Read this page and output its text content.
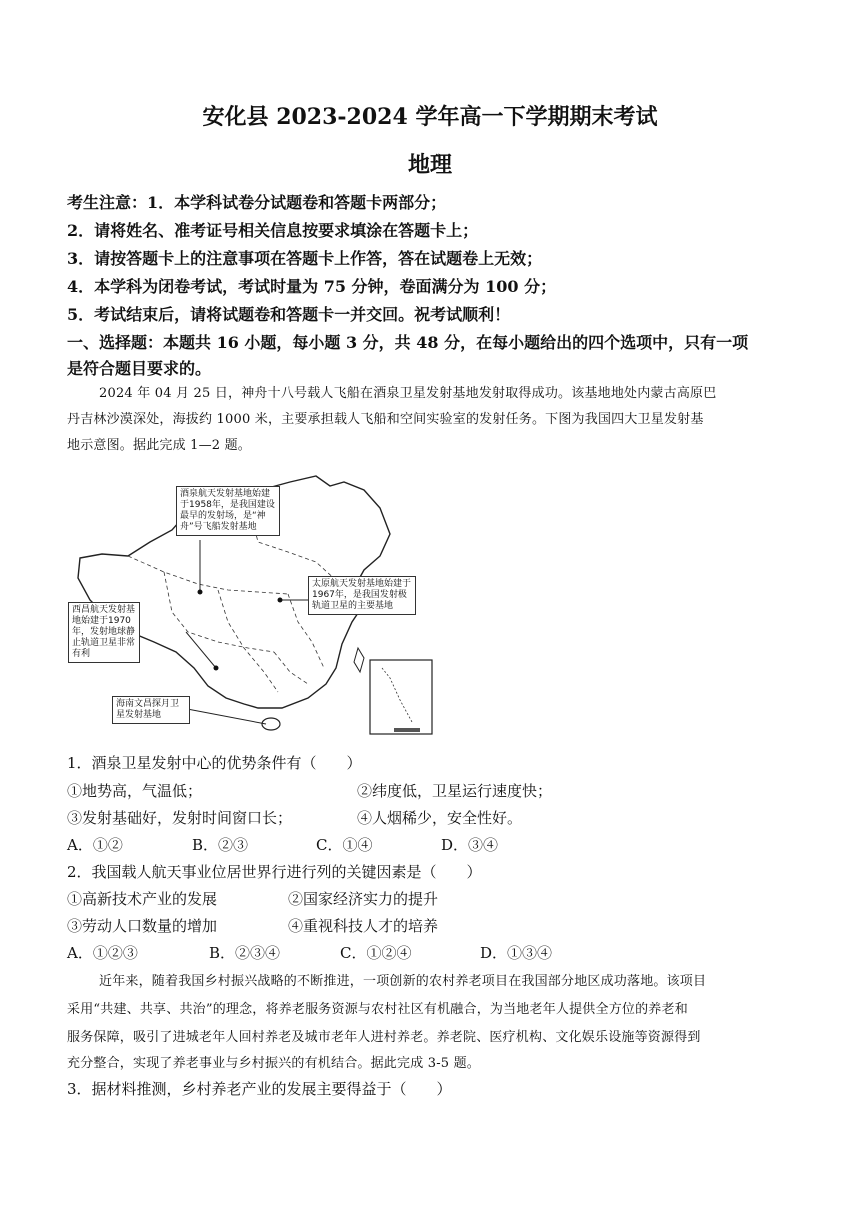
安化县 2023-2024 学年高一下学期期末考试
地理
考生注意：1．本学科试卷分试题卷和答题卡两部分；
2．请将姓名、准考证号相关信息按要求填涂在答题卡上；
3．请按答题卡上的注意事项在答题卡上作答，答在试题卷上无效；
4．本学科为闭卷考试，考试时量为 75 分钟，卷面满分为 100 分；
5．考试结束后，请将试题卷和答题卡一并交回。祝考试顺利！
一、选择题：本题共 16 小题，每小题 3 分，共 48 分，在每小题给出的四个选项中，只有一项
是符合题目要求的。
2024 年 04 月 25 日，神舟十八号载人飞船在酒泉卫星发射基地发射取得成功。该基地地处内蒙古高原巴
丹吉林沙漠深处，海拔约 1000 米，主要承担载人飞船和空间实验室的发射任务。下图为我国四大卫星发射基
地示意图。据此完成 1—2 题。
酒泉航天发射基地始建于1958年，是我国建设最早的发射场，是“神舟”号飞船发射基地
太原航天发射基地始建于1967年，是我国发射极轨道卫星的主要基地
西昌航天发射基地始建于1970年，发射地球静止轨道卫星非常有利
海南文昌探月卫星发射基地
1．酒泉卫星发射中心的优势条件有（　　）
①地势高，气温低；	②纬度低，卫星运行速度快；
③发射基础好，发射时间窗口长；	④人烟稀少，安全性好。
A．①②	B．②③	C．①④	D．③④
2．我国载人航天事业位居世界行进行列的关键因素是（　　）
①高新技术产业的发展	②国家经济实力的提升
③劳动人口数量的增加	④重视科技人才的培养
A．①②③	B．②③④	C．①②④	D．①③④
近年来，随着我国乡村振兴战略的不断推进，一项创新的农村养老项目在我国部分地区成功落地。该项目
采用“共建、共享、共治”的理念，将养老服务资源与农村社区有机融合，为当地老年人提供全方位的养老和
服务保障，吸引了进城老年人回村养老及城市老年人进村养老。养老院、医疗机构、文化娱乐设施等资源得到
充分整合，实现了养老事业与乡村振兴的有机结合。据此完成 3-5 题。
3．据材料推测，乡村养老产业的发展主要得益于（　　）
